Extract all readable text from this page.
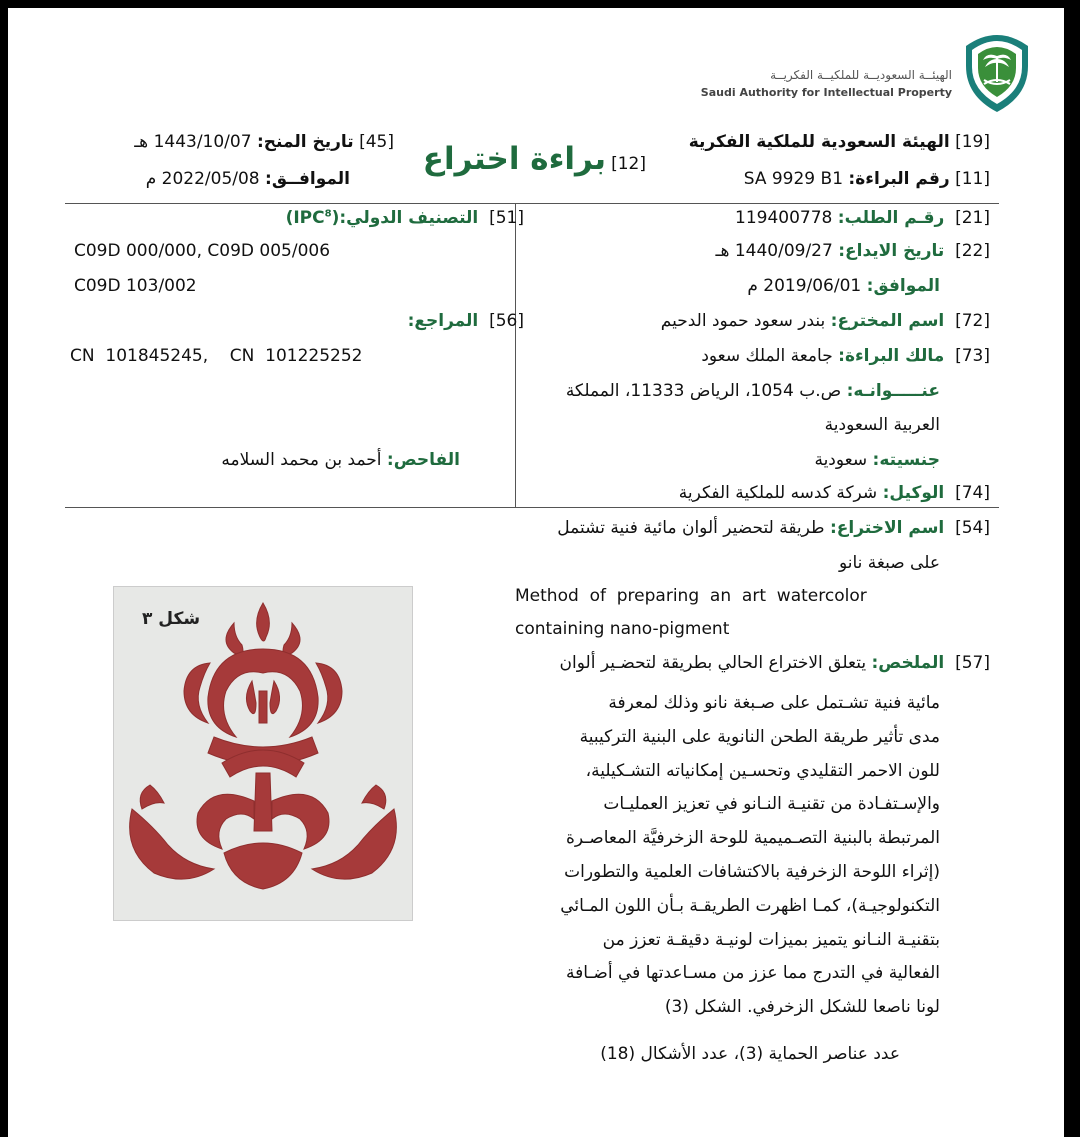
الهيئــة السعوديــة للملكيــة الفكريــة
Saudi Authority for Intellectual Property
[19] الهيئة السعودية للملكية الفكرية
[11] رقم البراءة: SA 9929 B1
[12] براءة اختراع
[45] تاريخ المنح: 1443/10/07 هـ
الموافــق: 2022/05/08 م
[21]  رقـم الطلب: 119400778
[22]  تاريخ الايداع: 1440/09/27 هـ
الموافق: 2019/06/01 م
[72]  اسم المخترع: بندر سعود حمود الدحيم
[73]  مالك البراءة: جامعة الملك سعود
عنـــــوانـه: ص.ب 1054، الرياض 11333، المملكة
العربية السعودية
جنسيته: سعودية
[74]  الوكيل: شركة كدسه للملكية الفكرية
[51]  التصنيف الدولي(IPC$^8$):
C09D 000/000, C09D 005/006
C09D 103/002
[56]  المراجع:
CN  101845245,    CN  101225252
الفاحص: أحمد بن محمد السلامه
[54]  اسم الاختراع: طريقة لتحضير ألوان مائية فنية تشتمل
على صبغة نانو
Method  of  preparing  an  art  watercolor
containing nano-pigment
[57]  الملخص: يتعلق الاختراع الحالي بطريقة لتحضـير ألوان
مائية فنية تشـتمل على صـبغة نانو وذلك لمعرفة
مدى تأثير طريقة الطحن النانوية على البنية التركيبية
للون الاحمر التقليدي وتحسـين إمكانياته التشـكيلية،
والإسـتفـادة من تقنيـة النـانو في تعزيز العمليـات
المرتبطة بالبنية التصـميمية للوحة الزخرفيَّة المعاصـرة
(إثراء اللوحة الزخرفية بالاكتشافات العلمية والتطورات
التكنولوجيـة)، كمـا اظهرت الطريقـة بـأن اللون المـائي
بتقنيـة النـانو يتميز بميزات لونيـة دقيقـة تعزز من
الفعالية في التدرج مما عزز من مسـاعدتها في أضـافة
لونا ناصعا للشكل الزخرفي. الشكل (3)
عدد عناصر الحماية (3)، عدد الأشكال (18)
شكل ٣
